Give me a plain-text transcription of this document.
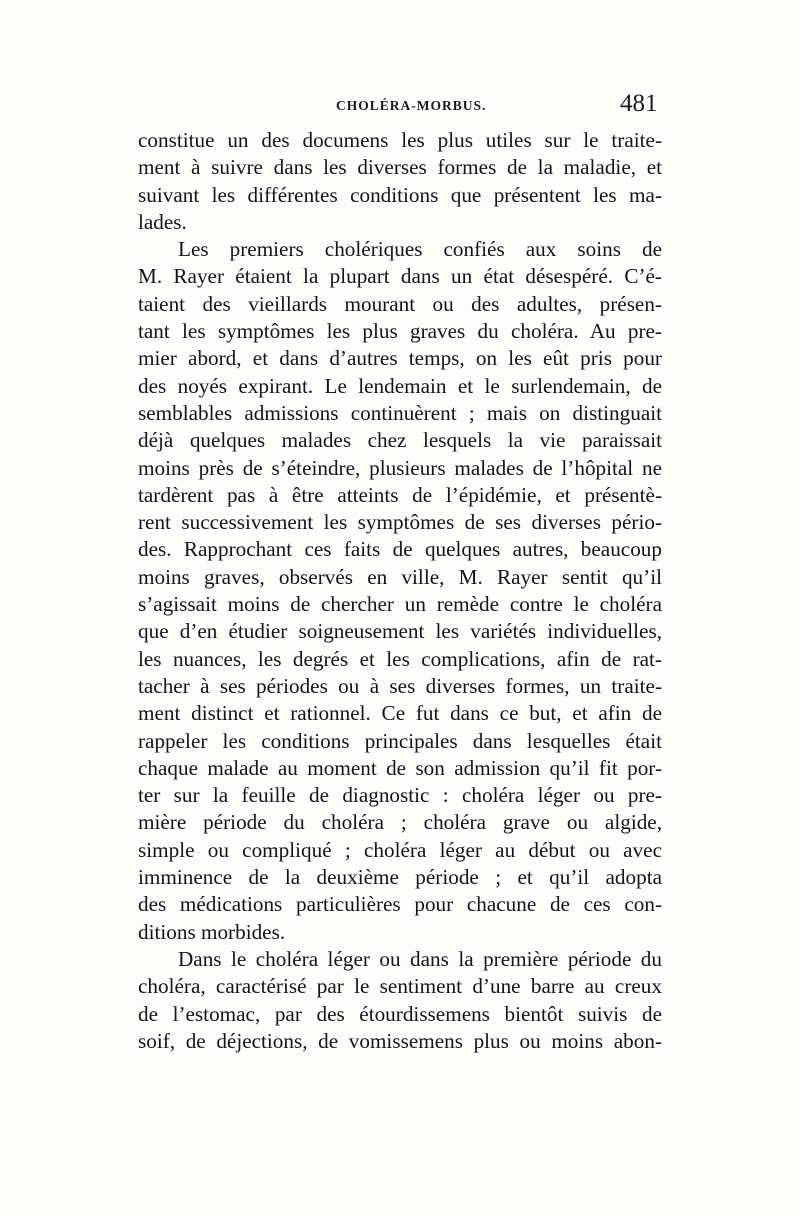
CHOLÉRA-MORBUS.	481
constitue un des documens les plus utiles sur le traite-
ment à suivre dans les diverses formes de la maladie, et
suivant les différentes conditions que présentent les ma-
lades.
Les premiers cholériques confiés aux soins de
M. Rayer étaient la plupart dans un état désespéré. C’é-
taient des vieillards mourant ou des adultes, présen-
tant les symptômes les plus graves du choléra. Au pre-
mier abord, et dans d’autres temps, on les eût pris pour
des noyés expirant. Le lendemain et le surlendemain, de
semblables admissions continuèrent ; mais on distinguait
déjà quelques malades chez lesquels la vie paraissait
moins près de s’éteindre, plusieurs malades de l’hôpital ne
tardèrent pas à être atteints de l’épidémie, et présentè-
rent successivement les symptômes de ses diverses pério-
des. Rapprochant ces faits de quelques autres, beaucoup
moins graves, observés en ville, M. Rayer sentit qu’il
s’agissait moins de chercher un remède contre le choléra
que d’en étudier soigneusement les variétés individuelles,
les nuances, les degrés et les complications, afin de rat-
tacher à ses périodes ou à ses diverses formes, un traite-
ment distinct et rationnel. Ce fut dans ce but, et afin de
rappeler les conditions principales dans lesquelles était
chaque malade au moment de son admission qu’il fit por-
ter sur la feuille de diagnostic : choléra léger ou pre-
mière période du choléra ; choléra grave ou algide,
simple ou compliqué ; choléra léger au début ou avec
imminence de la deuxième période ; et qu’il adopta
des médications particulières pour chacune de ces con-
ditions morbides.
Dans le choléra léger ou dans la première période du
choléra, caractérisé par le sentiment d’une barre au creux
de l’estomac, par des étourdissemens bientôt suivis de
soif, de déjections, de vomissemens plus ou moins abon-
